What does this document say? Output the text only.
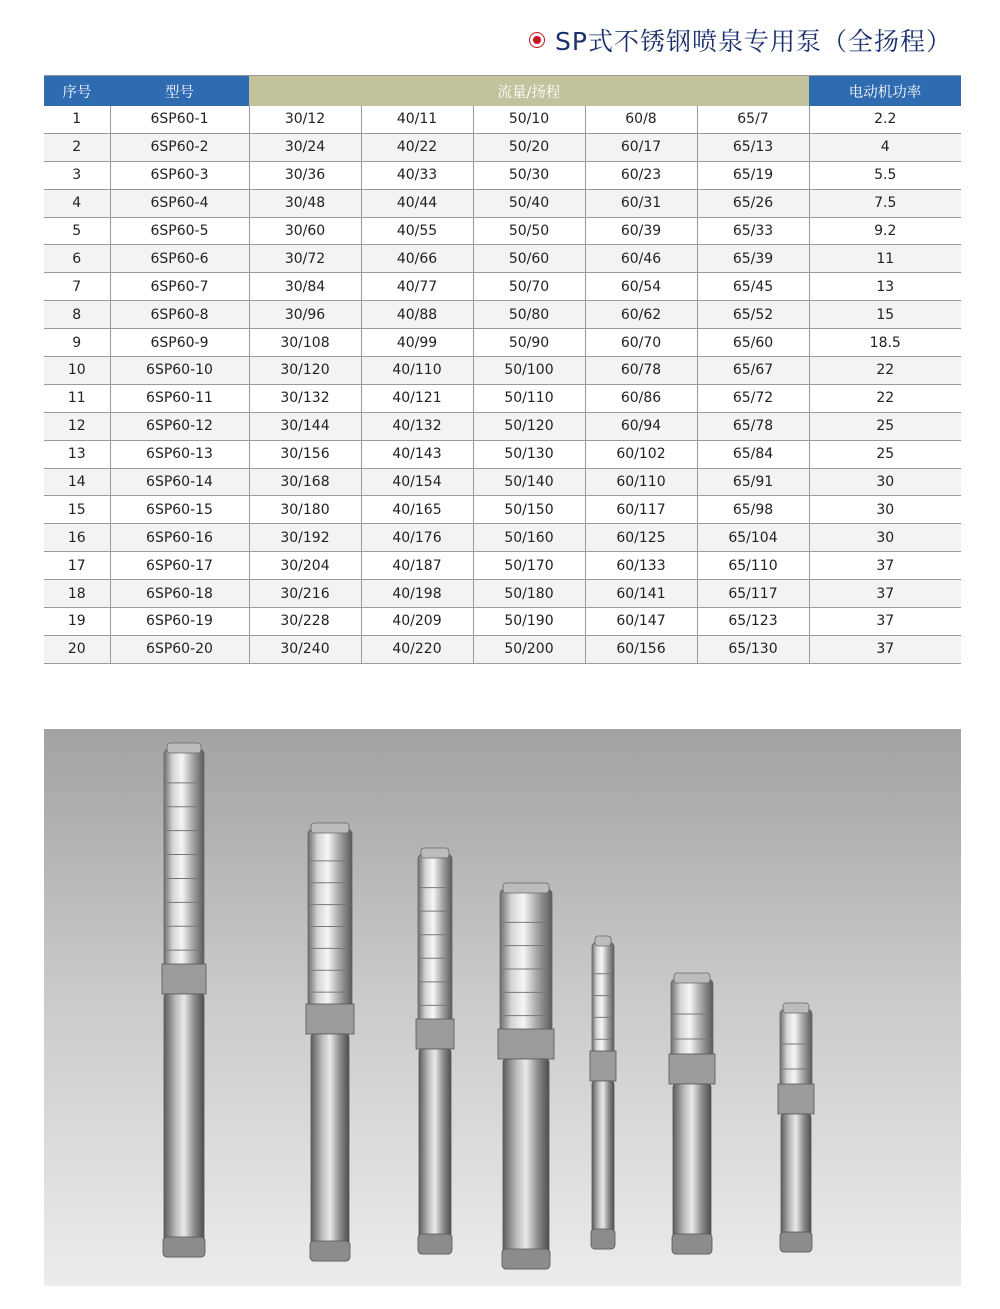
SP式不锈钢喷泉专用泵（全扬程）
序号	型号	流量/扬程					电动机功率
1	6SP60-1	30/12	40/11	50/10	60/8	65/7	2.2
2	6SP60-2	30/24	40/22	50/20	60/17	65/13	4
3	6SP60-3	30/36	40/33	50/30	60/23	65/19	5.5
4	6SP60-4	30/48	40/44	50/40	60/31	65/26	7.5
5	6SP60-5	30/60	40/55	50/50	60/39	65/33	9.2
6	6SP60-6	30/72	40/66	50/60	60/46	65/39	11
7	6SP60-7	30/84	40/77	50/70	60/54	65/45	13
8	6SP60-8	30/96	40/88	50/80	60/62	65/52	15
9	6SP60-9	30/108	40/99	50/90	60/70	65/60	18.5
10	6SP60-10	30/120	40/110	50/100	60/78	65/67	22
11	6SP60-11	30/132	40/121	50/110	60/86	65/72	22
12	6SP60-12	30/144	40/132	50/120	60/94	65/78	25
13	6SP60-13	30/156	40/143	50/130	60/102	65/84	25
14	6SP60-14	30/168	40/154	50/140	60/110	65/91	30
15	6SP60-15	30/180	40/165	50/150	60/117	65/98	30
16	6SP60-16	30/192	40/176	50/160	60/125	65/104	30
17	6SP60-17	30/204	40/187	50/170	60/133	65/110	37
18	6SP60-18	30/216	40/198	50/180	60/141	65/117	37
19	6SP60-19	30/228	40/209	50/190	60/147	65/123	37
20	6SP60-20	30/240	40/220	50/200	60/156	65/130	37
